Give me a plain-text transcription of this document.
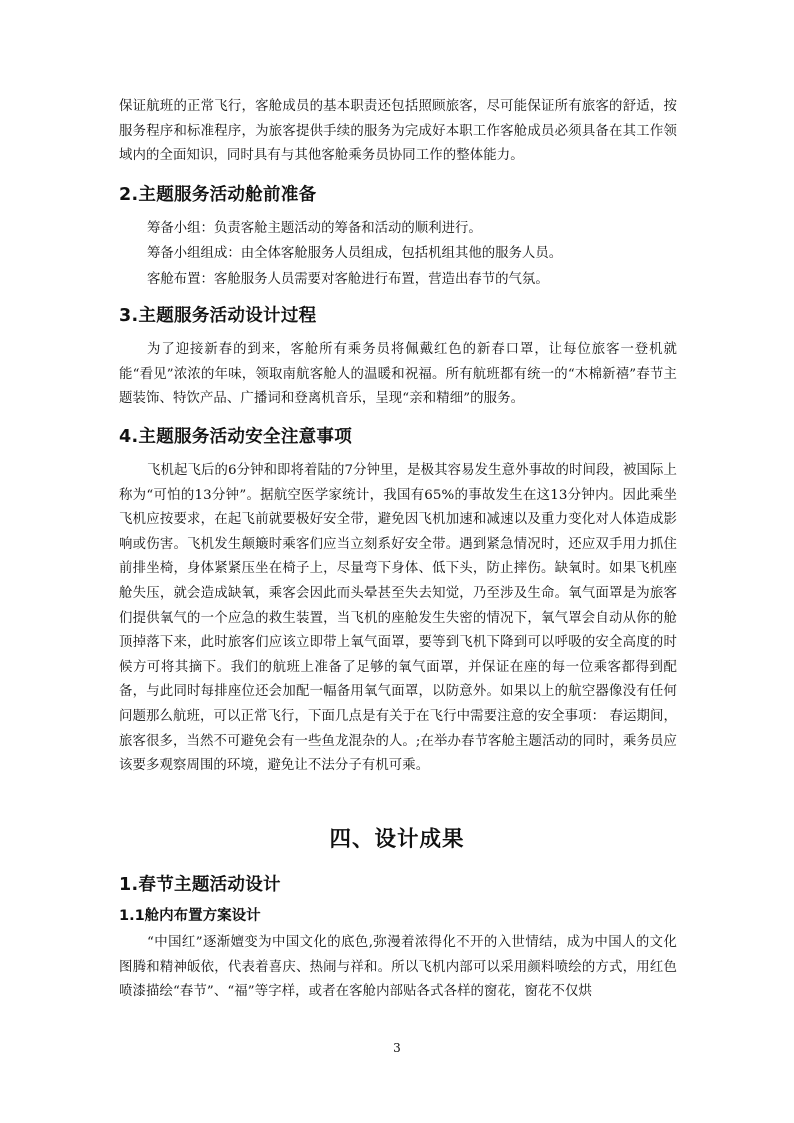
保证航班的正常飞行，客舱成员的基本职责还包括照顾旅客，尽可能保证所有旅客的舒适，按服务程序和标准程序，为旅客提供手续的服务为完成好本职工作客舱成员必须具备在其工作领域内的全面知识，同时具有与其他客舱乘务员协同工作的整体能力。
2.主题服务活动舱前准备
筹备小组：负责客舱主题活动的筹备和活动的顺利进行。
筹备小组组成：由全体客舱服务人员组成，包括机组其他的服务人员。
客舱布置：客舱服务人员需要对客舱进行布置，营造出春节的气氛。
3.主题服务活动设计过程
为了迎接新春的到来，客舱所有乘务员将佩戴红色的新春口罩，让每位旅客一登机就能“看见”浓浓的年味，领取南航客舱人的温暖和祝福。所有航班都有统一的“木棉新禧”春节主题装饰、特饮产品、广播词和登离机音乐，呈现“亲和精细”的服务。
4.主题服务活动安全注意事项
飞机起飞后的6分钟和即将着陆的7分钟里，是极其容易发生意外事故的时间段，被国际上称为“可怕的13分钟”。据航空医学家统计，我国有65%的事故发生在这13分钟内。因此乘坐飞机应按要求，在起飞前就要极好安全带，避免因飞机加速和减速以及重力变化对人体造成影响或伤害。飞机发生颠簸时乘客们应当立刻系好安全带。遇到紧急情况时，还应双手用力抓住前排坐椅，身体紧紧压坐在椅子上，尽量弯下身体、低下头，防止摔伤。缺氧时。如果飞机座舱失压，就会造成缺氧，乘客会因此而头晕甚至失去知觉，乃至涉及生命。氧气面罩是为旅客们提供氧气的一个应急的救生装置，当飞机的座舱发生失密的情况下，氧气罩会自动从你的舱顶掉落下来，此时旅客们应该立即带上氧气面罩，要等到飞机下降到可以呼吸的安全高度的时候方可将其摘下。我们的航班上准备了足够的氧气面罩，并保证在座的每一位乘客都得到配备，与此同时每排座位还会加配一幅备用氧气面罩，以防意外。如果以上的航空器像没有任何问题那么航班，可以正常飞行，下面几点是有关于在飞行中需要注意的安全事项： 春运期间，旅客很多，当然不可避免会有一些鱼龙混杂的人。;在举办春节客舱主题活动的同时，乘务员应该要多观察周围的环境，避免让不法分子有机可乘。
四、设计成果
1.春节主题活动设计
1.1舱内布置方案设计
“中国红”逐渐嬗变为中国文化的底色,弥漫着浓得化不开的入世情结，成为中国人的文化图腾和精神皈依，代表着喜庆、热闹与祥和。所以飞机内部可以采用颜料喷绘的方式，用红色喷漆描绘“春节”、“福”等字样，或者在客舱内部贴各式各样的窗花，窗花不仅烘
3
